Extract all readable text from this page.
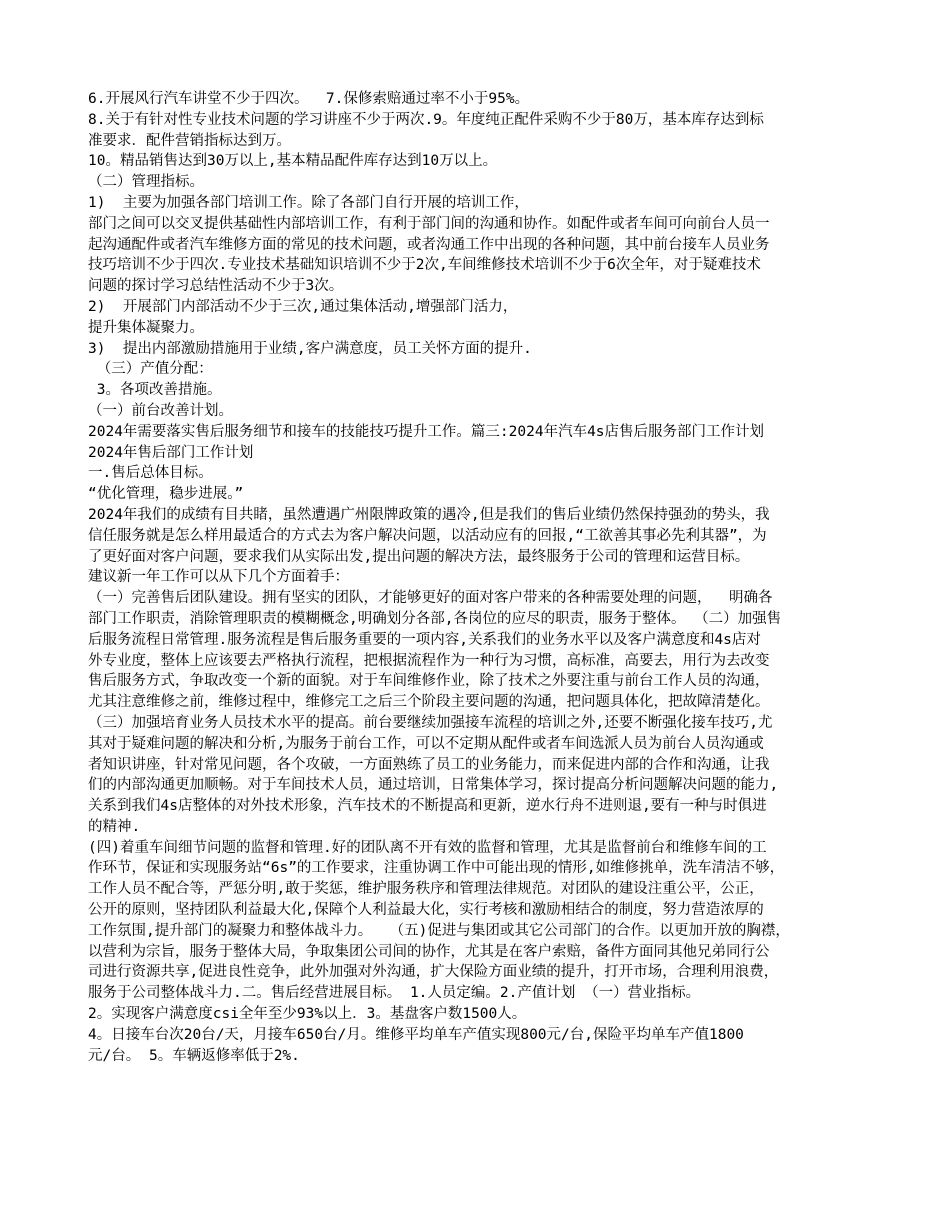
6.开展风行汽车讲堂不少于四次。  7.保修索赔通过率不小于95%。

8.关于有针对性专业技术问题的学习讲座不少于两次.9。年度纯正配件采购不少于80万，基本库存达到标

准要求．配件营销指标达到万。

10。精品销售达到30万以上,基本精品配件库存达到10万以上。

（二）管理指标。

1)  主要为加强各部门培训工作。除了各部门自行开展的培训工作，

部门之间可以交叉提供基础性内部培训工作，有利于部门间的沟通和协作。如配件或者车间可向前台人员一

起沟通配件或者汽车维修方面的常见的技术问题，或者沟通工作中出现的各种问题，其中前台接车人员业务

技巧培训不少于四次.专业技术基础知识培训不少于2次,车间维修技术培训不少于6次全年，对于疑难技术

问题的探讨学习总结性活动不少于3次。

2)  开展部门内部活动不少于三次,通过集体活动,增强部门活力，

提升集体凝聚力。

3)  提出内部激励措施用于业绩,客户满意度，员工关怀方面的提升.

（三）产值分配：

3。各项改善措施。

（一）前台改善计划。

2024年需要落实售后服务细节和接车的技能技巧提升工作。篇三:2024年汽车4s店售后服务部门工作计划

2024年售后部门工作计划

一.售后总体目标。

“优化管理，稳步进展。”

2024年我们的成绩有目共睹，虽然遭遇广州限牌政策的遇冷,但是我们的售后业绩仍然保持强劲的势头，我

信任服务就是怎么样用最适合的方式去为客户解决问题，以活动应有的回报,“工欲善其事必先利其器”，为

了更好面对客户问题，要求我们从实际出发,提出问题的解决方法，最终服务于公司的管理和运营目标。

建议新一年工作可以从下几个方面着手：

（一）完善售后团队建设。拥有坚实的团队，才能够更好的面对客户带来的各种需要处理的问题，  明确各

部门工作职责，消除管理职责的模糊概念,明确划分各部,各岗位的应尽的职责，服务于整体。 （二）加强售

后服务流程日常管理.服务流程是售后服务重要的一项内容,关系我们的业务水平以及客户满意度和4s店对

外专业度，整体上应该要去严格执行流程，把根据流程作为一种行为习惯，高标准，高要去，用行为去改变

售后服务方式，争取改变一个新的面貌。对于车间维修作业，除了技术之外要注重与前台工作人员的沟通，

尤其注意维修之前，维修过程中，维修完工之后三个阶段主要问题的沟通，把问题具体化，把故障清楚化。

（三）加强培育业务人员技术水平的提高。前台要继续加强接车流程的培训之外,还要不断强化接车技巧,尤

其对于疑难问题的解决和分析,为服务于前台工作，可以不定期从配件或者车间选派人员为前台人员沟通或

者知识讲座，针对常见问题，各个攻破，一方面熟练了员工的业务能力，而来促进内部的合作和沟通，让我

们的内部沟通更加顺畅。对于车间技术人员，通过培训，日常集体学习，探讨提高分析问题解决问题的能力,

关系到我们4s店整体的对外技术形象，汽车技术的不断提高和更新，逆水行舟不进则退,要有一种与时俱进

的精神.

(四)着重车间细节问题的监督和管理.好的团队离不开有效的监督和管理，尤其是监督前台和维修车间的工

作环节，保证和实现服务站“6s”的工作要求，注重协调工作中可能出现的情形,如维修挑单，洗车清洁不够，

工作人员不配合等，严惩分明,敢于奖惩，维护服务秩序和管理法律规范。对团队的建设注重公平，公正，

公开的原则，坚持团队利益最大化,保障个人利益最大化，实行考核和激励相结合的制度，努力营造浓厚的

工作氛围,提升部门的凝聚力和整体战斗力。  （五)促进与集团或其它公司部门的合作。以更加开放的胸襟，

以营利为宗旨，服务于整体大局，争取集团公司间的协作，尤其是在客户索赔，备件方面同其他兄弟同行公

司进行资源共享,促进良性竞争，此外加强对外沟通，扩大保险方面业绩的提升，打开市场，合理利用浪费，

服务于公司整体战斗力.二。售后经营进展目标。 1.人员定编。2.产值计划 （一）营业指标。

2。实现客户满意度csi全年至少93%以上．3。基盘客户数1500人。

4。日接车台次20台/天，月接车650台/月。维修平均单车产值实现800元/台,保险平均单车产值1800

元/台。 5。车辆返修率低于2%.
